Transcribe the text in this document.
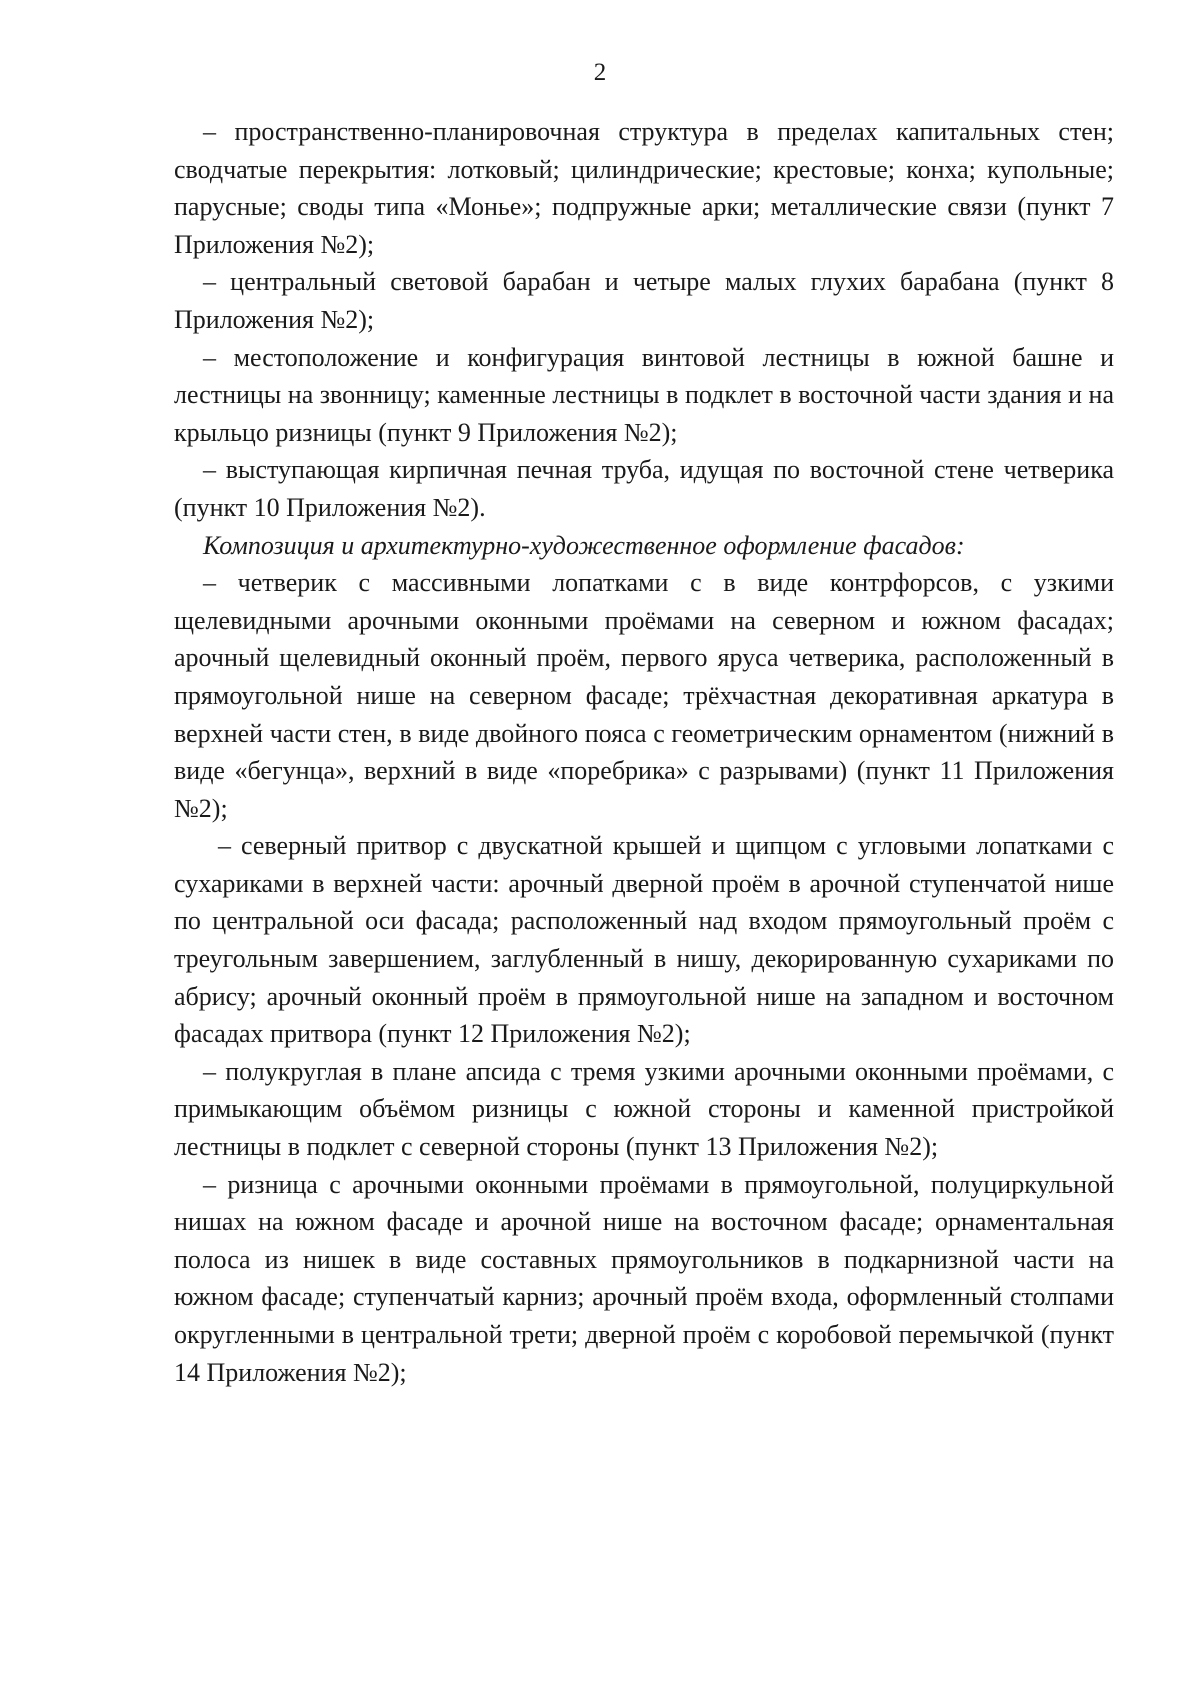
2

– пространственно-планировочная структура в пределах капитальных стен; сводчатые перекрытия: лотковый; цилиндрические; крестовые; конха; купольные; парусные; своды типа «Монье»; подпружные арки; металлические связи (пункт 7 Приложения №2);

– центральный световой барабан и четыре малых глухих барабана (пункт 8 Приложения №2);

– местоположение и конфигурация винтовой лестницы в южной башне и лестницы на звонницу; каменные лестницы в подклет в восточной части здания и на крыльцо ризницы (пункт 9 Приложения №2);

– выступающая кирпичная печная труба, идущая по восточной стене четверика (пункт 10 Приложения №2).

Композиция и архитектурно-художественное оформление фасадов:

– четверик с массивными лопатками с в виде контрфорсов, с узкими щелевидными арочными оконными проёмами на северном и южном фасадах; арочный щелевидный оконный проём, первого яруса четверика, расположенный в прямоугольной нише на северном фасаде; трёхчастная декоративная аркатура в верхней части стен, в виде двойного пояса с геометрическим орнаментом (нижний в виде «бегунца», верхний в виде «поребрика» с разрывами) (пункт 11 Приложения №2);

– северный притвор с двускатной крышей и щипцом с угловыми лопатками с сухариками в верхней части: арочный дверной проём в арочной ступенчатой нише по центральной оси фасада; расположенный над входом прямоугольный проём с треугольным завершением, заглубленный в нишу, декорированную сухариками по абрису; арочный оконный проём в прямоугольной нише на западном и восточном фасадах притвора (пункт 12 Приложения №2);

– полукруглая в плане апсида с тремя узкими арочными оконными проёмами, с примыкающим объёмом ризницы с южной стороны и каменной пристройкой лестницы в подклет с северной стороны (пункт 13 Приложения №2);

– ризница с арочными оконными проёмами в прямоугольной, полуциркульной нишах на южном фасаде и арочной нише на восточном фасаде; орнаментальная полоса из нишек в виде составных прямоугольников в подкарнизной части на южном фасаде; ступенчатый карниз; арочный проём входа, оформленный столпами округленными в центральной трети; дверной проём с коробовой перемычкой (пункт 14 Приложения №2);
